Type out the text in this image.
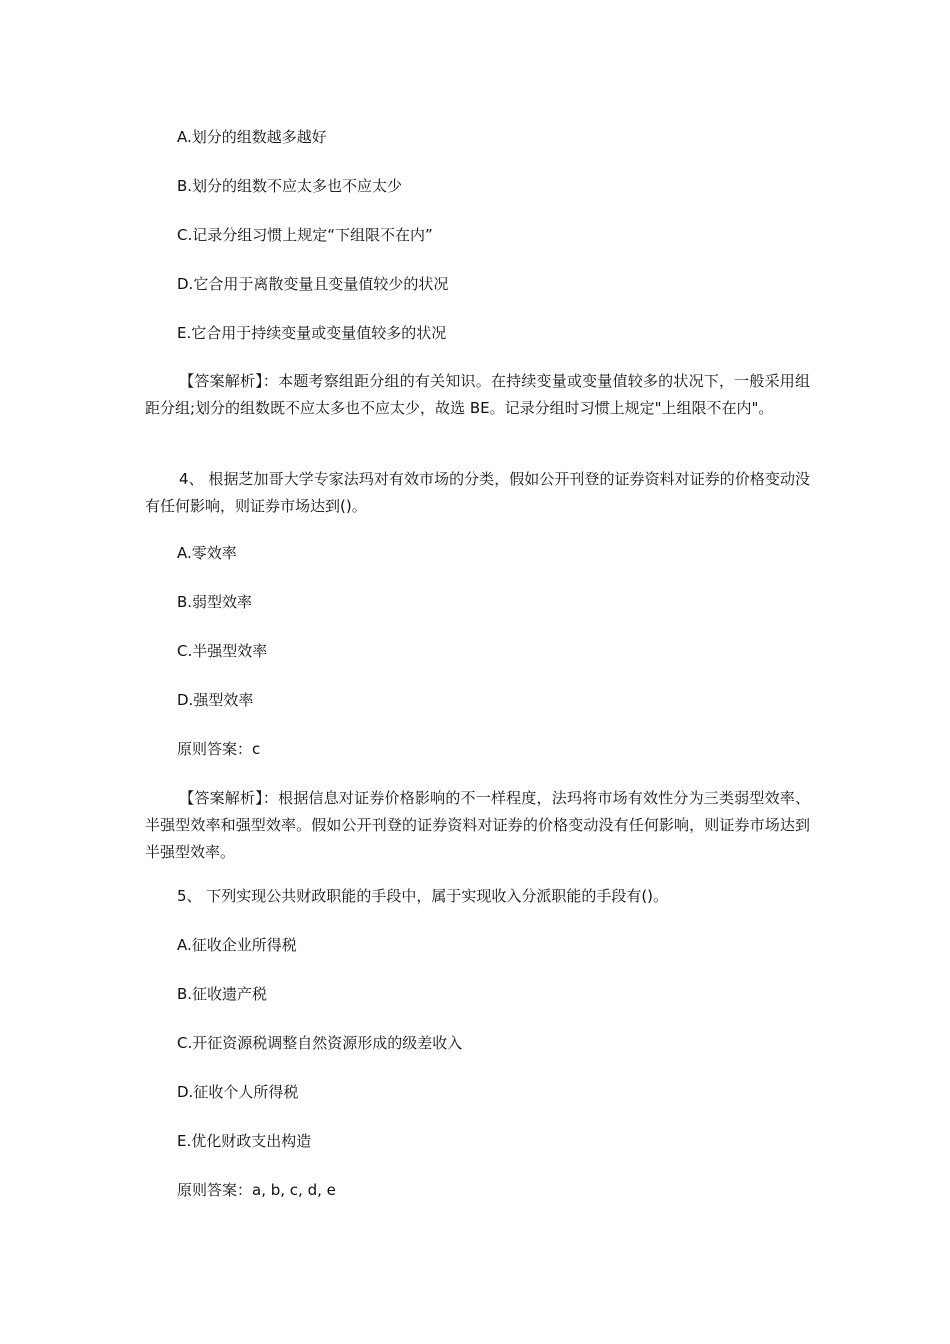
A.划分的组数越多越好
B.划分的组数不应太多也不应太少
C.记录分组习惯上规定“下组限不在内”
D.它合用于离散变量且变量值较少的状况
E.它合用于持续变量或变量值较多的状况
【答案解析】：本题考察组距分组的有关知识。在持续变量或变量值较多的状况下，一般采用组距分组;划分的组数既不应太多也不应太少，故选 BE。记录分组时习惯上规定"上组限不在内"。
4、 根据芝加哥大学专家法玛对有效市场的分类，假如公开刊登的证券资料对证券的价格变动没有任何影响，则证券市场达到()。
A.零效率
B.弱型效率
C.半强型效率
D.强型效率
原则答案：c
【答案解析】：根据信息对证券价格影响的不一样程度，法玛将市场有效性分为三类弱型效率、半强型效率和强型效率。假如公开刊登的证券资料对证券的价格变动没有任何影响，则证券市场达到半强型效率。
5、 下列实现公共财政职能的手段中，属于实现收入分派职能的手段有()。
A.征收企业所得税
B.征收遗产税
C.开征资源税调整自然资源形成的级差收入
D.征收个人所得税
E.优化财政支出构造
原则答案：a, b, c, d, e
